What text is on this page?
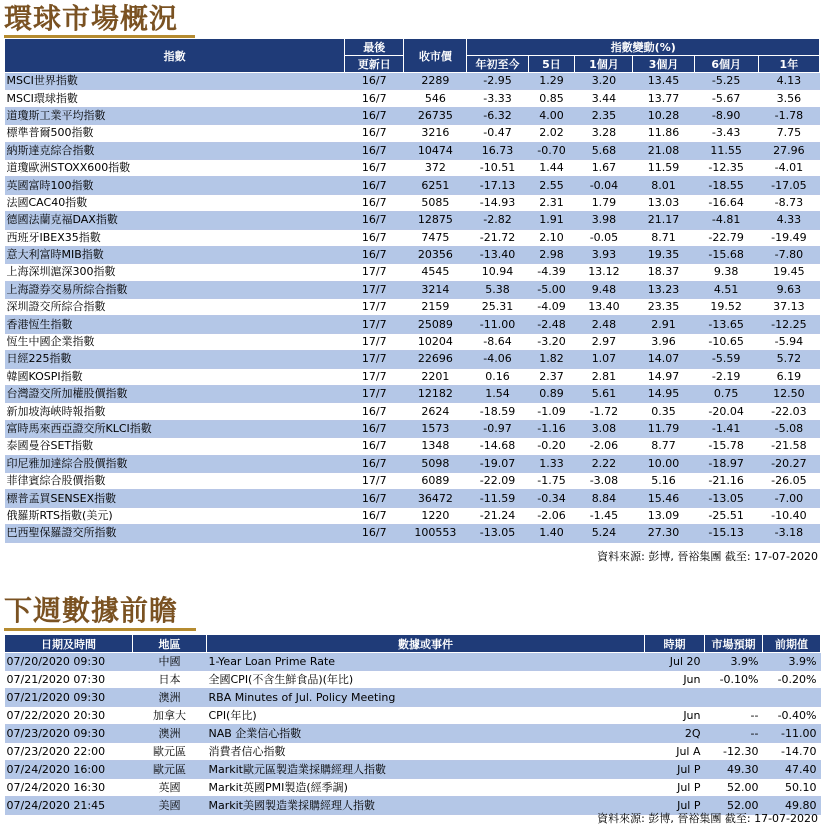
環球市場概況
指數	最後	收市價	指數變動(%)					
	更新日		年初至今	5日	1個月	3個月	6個月	1年
MSCI世界指數	16/7	2289	-2.95	1.29	3.20	13.45	-5.25	4.13
MSCI環球指數	16/7	546	-3.33	0.85	3.44	13.77	-5.67	3.56
道瓊斯工業平均指數	16/7	26735	-6.32	4.00	2.35	10.28	-8.90	-1.78
標準普爾500指數	16/7	3216	-0.47	2.02	3.28	11.86	-3.43	7.75
納斯達克綜合指數	16/7	10474	16.73	-0.70	5.68	21.08	11.55	27.96
道瓊歐洲STOXX600指數	16/7	372	-10.51	1.44	1.67	11.59	-12.35	-4.01
英國富時100指數	16/7	6251	-17.13	2.55	-0.04	8.01	-18.55	-17.05
法國CAC40指數	16/7	5085	-14.93	2.31	1.79	13.03	-16.64	-8.73
德國法蘭克福DAX指數	16/7	12875	-2.82	1.91	3.98	21.17	-4.81	4.33
西班牙IBEX35指數	16/7	7475	-21.72	2.10	-0.05	8.71	-22.79	-19.49
意大利富時MIB指數	16/7	20356	-13.40	2.98	3.93	19.35	-15.68	-7.80
上海深圳滬深300指數	17/7	4545	10.94	-4.39	13.12	18.37	9.38	19.45
上海證券交易所綜合指數	17/7	3214	5.38	-5.00	9.48	13.23	4.51	9.63
深圳證交所綜合指數	17/7	2159	25.31	-4.09	13.40	23.35	19.52	37.13
香港恆生指數	17/7	25089	-11.00	-2.48	2.48	2.91	-13.65	-12.25
恆生中國企業指數	17/7	10204	-8.64	-3.20	2.97	3.96	-10.65	-5.94
日經225指數	17/7	22696	-4.06	1.82	1.07	14.07	-5.59	5.72
韓國KOSPI指數	17/7	2201	0.16	2.37	2.81	14.97	-2.19	6.19
台灣證交所加權股價指數	17/7	12182	1.54	0.89	5.61	14.95	0.75	12.50
新加坡海峽時報指數	16/7	2624	-18.59	-1.09	-1.72	0.35	-20.04	-22.03
富時馬來西亞證交所KLCI指數	16/7	1573	-0.97	-1.16	3.08	11.79	-1.41	-5.08
泰國曼谷SET指數	16/7	1348	-14.68	-0.20	-2.06	8.77	-15.78	-21.58
印尼雅加達綜合股價指數	16/7	5098	-19.07	1.33	2.22	10.00	-18.97	-20.27
菲律賓綜合股價指數	17/7	6089	-22.09	-1.75	-3.08	5.16	-21.16	-26.05
標普孟買SENSEX指數	16/7	36472	-11.59	-0.34	8.84	15.46	-13.05	-7.00
俄羅斯RTS指數(美元)	16/7	1220	-21.24	-2.06	-1.45	13.09	-25.51	-10.40
巴西聖保羅證交所指數	16/7	100553	-13.05	1.40	5.24	27.30	-15.13	-3.18
資料來源: 彭博, 晉裕集團 截至: 17-07-2020
下週數據前瞻
日期及時間	地區	數據或事件	時期	市場預期	前期值
07/20/2020 09:30	中國	1-Year Loan Prime Rate	Jul 20	3.9%	3.9%
07/21/2020 07:30	日本	全國CPI(不含生鮮食品)(年比)	Jun	-0.10%	-0.20%
07/21/2020 09:30	澳洲	RBA Minutes of Jul. Policy Meeting			
07/22/2020 20:30	加拿大	CPI(年比)	Jun	--	-0.40%
07/23/2020 09:30	澳洲	NAB 企業信心指數	2Q	--	-11.00
07/23/2020 22:00	歐元區	消費者信心指數	Jul A	-12.30	-14.70
07/24/2020 16:00	歐元區	Markit歐元區製造業採購經理人指數	Jul P	49.30	47.40
07/24/2020 16:30	英國	Markit英國PMI製造(經季調)	Jul P	52.00	50.10
07/24/2020 21:45	美國	Markit美國製造業採購經理人指數	Jul P	52.00	49.80
資料來源: 彭博, 晉裕集團 截至: 17-07-2020
